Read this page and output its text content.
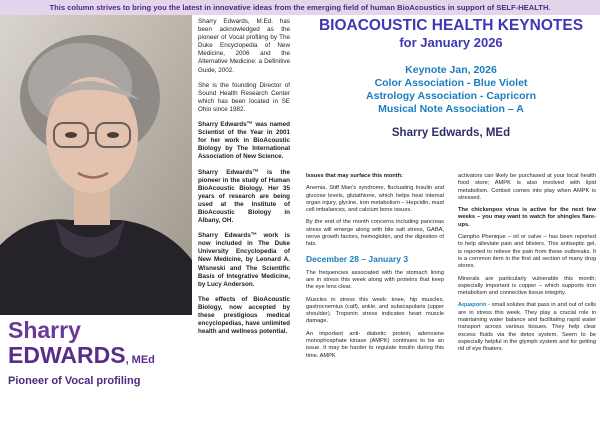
This column strives to bring you the latest in innovative ideas from the emerging field of human BioAcoustics in support of SELF-HEALTH.
Sharry
EDWARDS, MEd
Pioneer of Vocal profiling

Sharry Edwards, M.Ed. has been acknowledged as the pioneer of Vocal profiling by The Duke Encyclopedia of New Medicine, 2006 and the Alternative Medicine: a Definitive Guide, 2002.

She is the founding Director of Sound Health Research Center which has been located in SE Ohio since 1982.

Sharry Edwards™ was named Scientist of the Year in 2001 for her work in BioAcoustic Biology by The International Association of New Science.

Sharry Edwards™ is the pioneer in the study of Human BioAcoustic Biology. Her 35 years of research are being used at the Institute of BioAcoustic Biology in Albany, OH.

Sharry Edwards™ work is now included in The Duke University Encyclopedia of New Medicine, by Leonard A. Wisneski and The Scientific Basis of Integrative Medicine, by Lucy Anderson.

The effects of BioAcoustic Biology, now accepted by these prestigious medical encyclopedias, have unlimited health and wellness potential.

BIOACOUSTIC HEALTH KEYNOTES
for January 2026
Keynote Jan, 2026
Color Association - Blue Violet
Astrology Association - Capricorn
Musical Note Association – A
Sharry Edwards, MEd

Issues that may surface this month:

Anemia, Stiff Man's syndrome, fluctuating Insulin and glucose levels, glutathione, which helps heal internal organ injury, glycine, iron metabolism – Hepcidin, mast cell imbalances, and calcium bone issues.

By the end of the month concerns including pancreas stress will emerge along with bile salt stress, GABA, nerve growth factors, hemoglobin, and the digestion of fats.

December 28 – January 3

The frequencies associated with the stomach lining are in stress this week along with proteins that keep the eye lens clear.

Muscles in stress this week: knee, hip muscles, gastrocnemius (calf), ankle, and subscapularis (upper shoulder). Troponin stress indicates heart muscle damage.

An important anti- diabetic protein, adenosine monophosphate kinase (AMPK) continues to be an issue. It may be harder to regulate insulin during this time. AMPK

activators can likely be purchased at your local health food store; AMPK is also involved with lipid metabolism. Cortisol comes into play when AMPK is stressed.

The chickenpox virus is active for the next few weeks – you may want to watch for shingles flare-ups.

Campho Phenique – oil or salve – has been reported to help alleviate pain and blisters. This antiseptic gel, is reported to relieve the pain from these outbreaks. It is a common item in the first aid section of many drug stores.

Minerals are particularly vulnerable this month; especially important is copper – which supports iron metabolism and connective tissue integrity.

Aquaporin - small solutes that pass in and out of cells are in stress this week. They play a crucial role in maintaining water balance and facilitating rapid water transport across various tissues. They help clear excess fluids via the detox system. Seem to be especially helpful in the glymph system and for getting rid of eye floaters.
